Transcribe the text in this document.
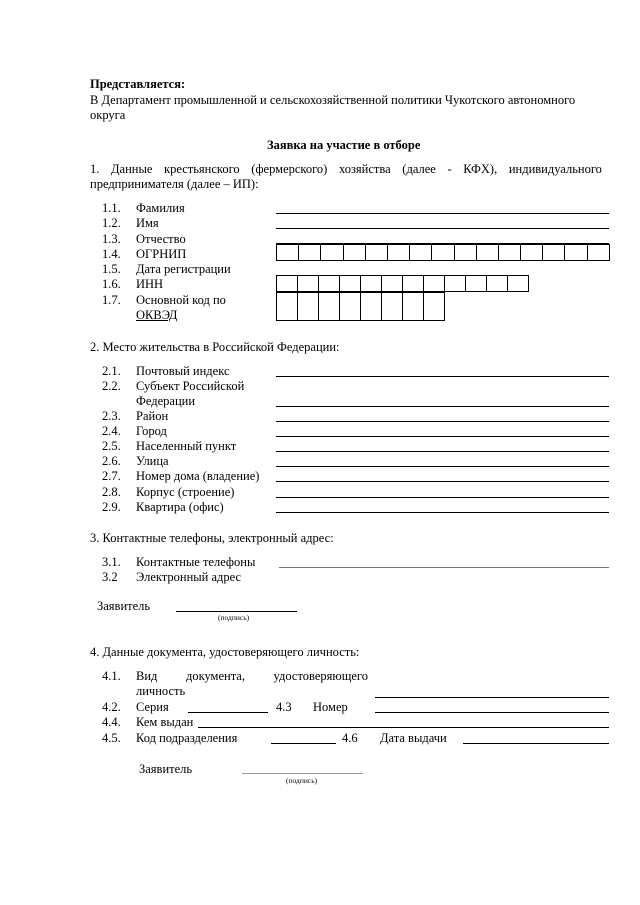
Представляется:
В Департамент промышленной и сельскохозяйственной политики Чукотского автономного
округа
Заявка на участие в отборе
1. Данные крестьянского (фермерского) хозяйства (далее - КФХ), индивидуального
предпринимателя (далее – ИП):
1.1. Фамилия
1.2. Имя
1.3. Отчество
1.4. ОГРНИП
1.5. Дата регистрации
1.6. ИНН
1.7. Основной код по
ОКВЭД
2. Место жительства в Российской Федерации:
2.1. Почтовый индекс
2.2. Субъект Российской
Федерации
2.3. Район
2.4. Город
2.5. Населенный пункт
2.6. Улица
2.7. Номер дома (владение)
2.8. Корпус (строение)
2.9. Квартира (офис)
3. Контактные телефоны, электронный адрес:
3.1. Контактные телефоны
3.2 Электронный адрес
Заявитель
(подпись)
4. Данные документа, удостоверяющего личность:
4.1. Вид документа, удостоверяющего
личность
4.2. Серия	4.3 Номер
4.4. Кем выдан
4.5. Код подразделения	4.6 Дата выдачи
Заявитель
(подпись)
